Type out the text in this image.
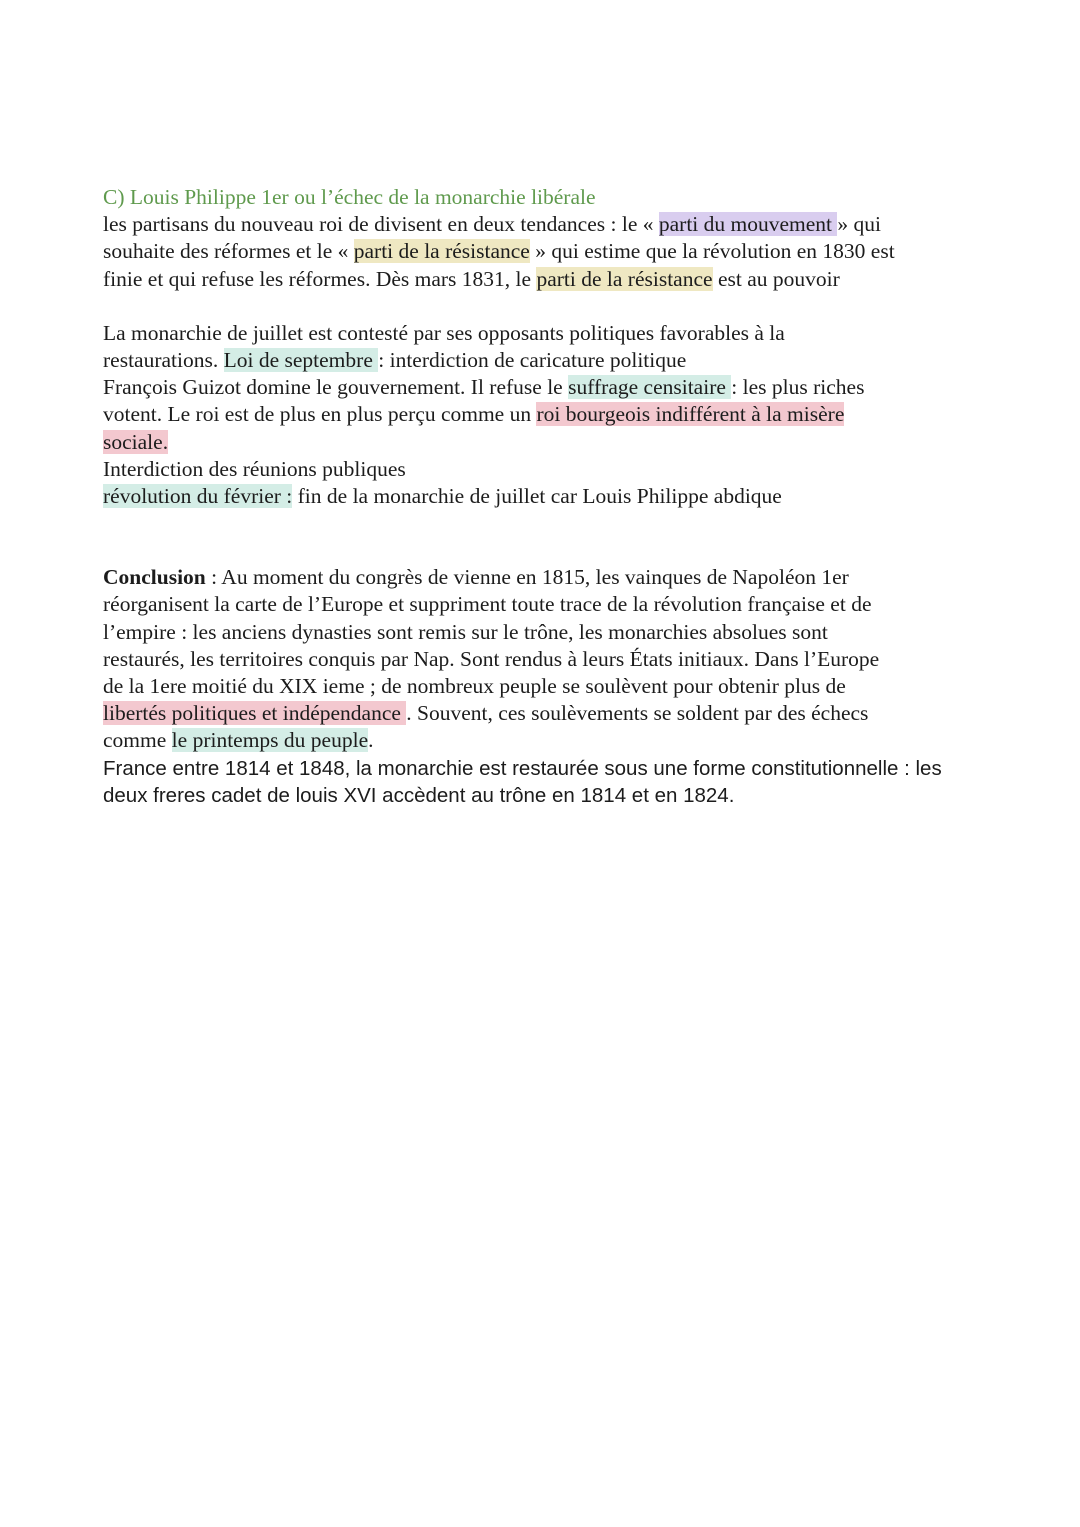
C) Louis Philippe 1er ou l’échec de la monarchie libérale

les partisans du nouveau roi de divisent en deux tendances : le « parti du mouvement » qui

souhaite des réformes et le « parti de la résistance » qui estime que la révolution en 1830 est

finie et qui refuse les réformes. Dès mars 1831, le parti de la résistance est au pouvoir

La monarchie de juillet est contesté par ses opposants politiques favorables à la

restaurations. Loi de septembre : interdiction de caricature politique

François Guizot domine le gouvernement. Il refuse le suffrage censitaire : les plus riches

votent. Le roi est de plus en plus perçu comme un roi bourgeois indifférent à la misère

sociale.

Interdiction des réunions publiques

révolution du février : fin de la monarchie de juillet car Louis Philippe abdique

Conclusion : Au moment du congrès de vienne en 1815, les vainques de Napoléon 1er

réorganisent la carte de l’Europe et suppriment toute trace de la révolution française et de

l’empire : les anciens dynasties sont remis sur le trône, les monarchies absolues sont

restaurés, les territoires conquis par Nap. Sont rendus à leurs États initiaux. Dans l’Europe

de la 1ere moitié du XIX ieme ; de nombreux peuple se soulèvent pour obtenir plus de

libertés politiques et indépendance . Souvent, ces soulèvements se soldent par des échecs

comme le printemps du peuple.

France entre 1814 et 1848, la monarchie est restaurée sous une forme constitutionnelle : les

deux freres cadet de louis XVI accèdent au trône en 1814 et en 1824.
